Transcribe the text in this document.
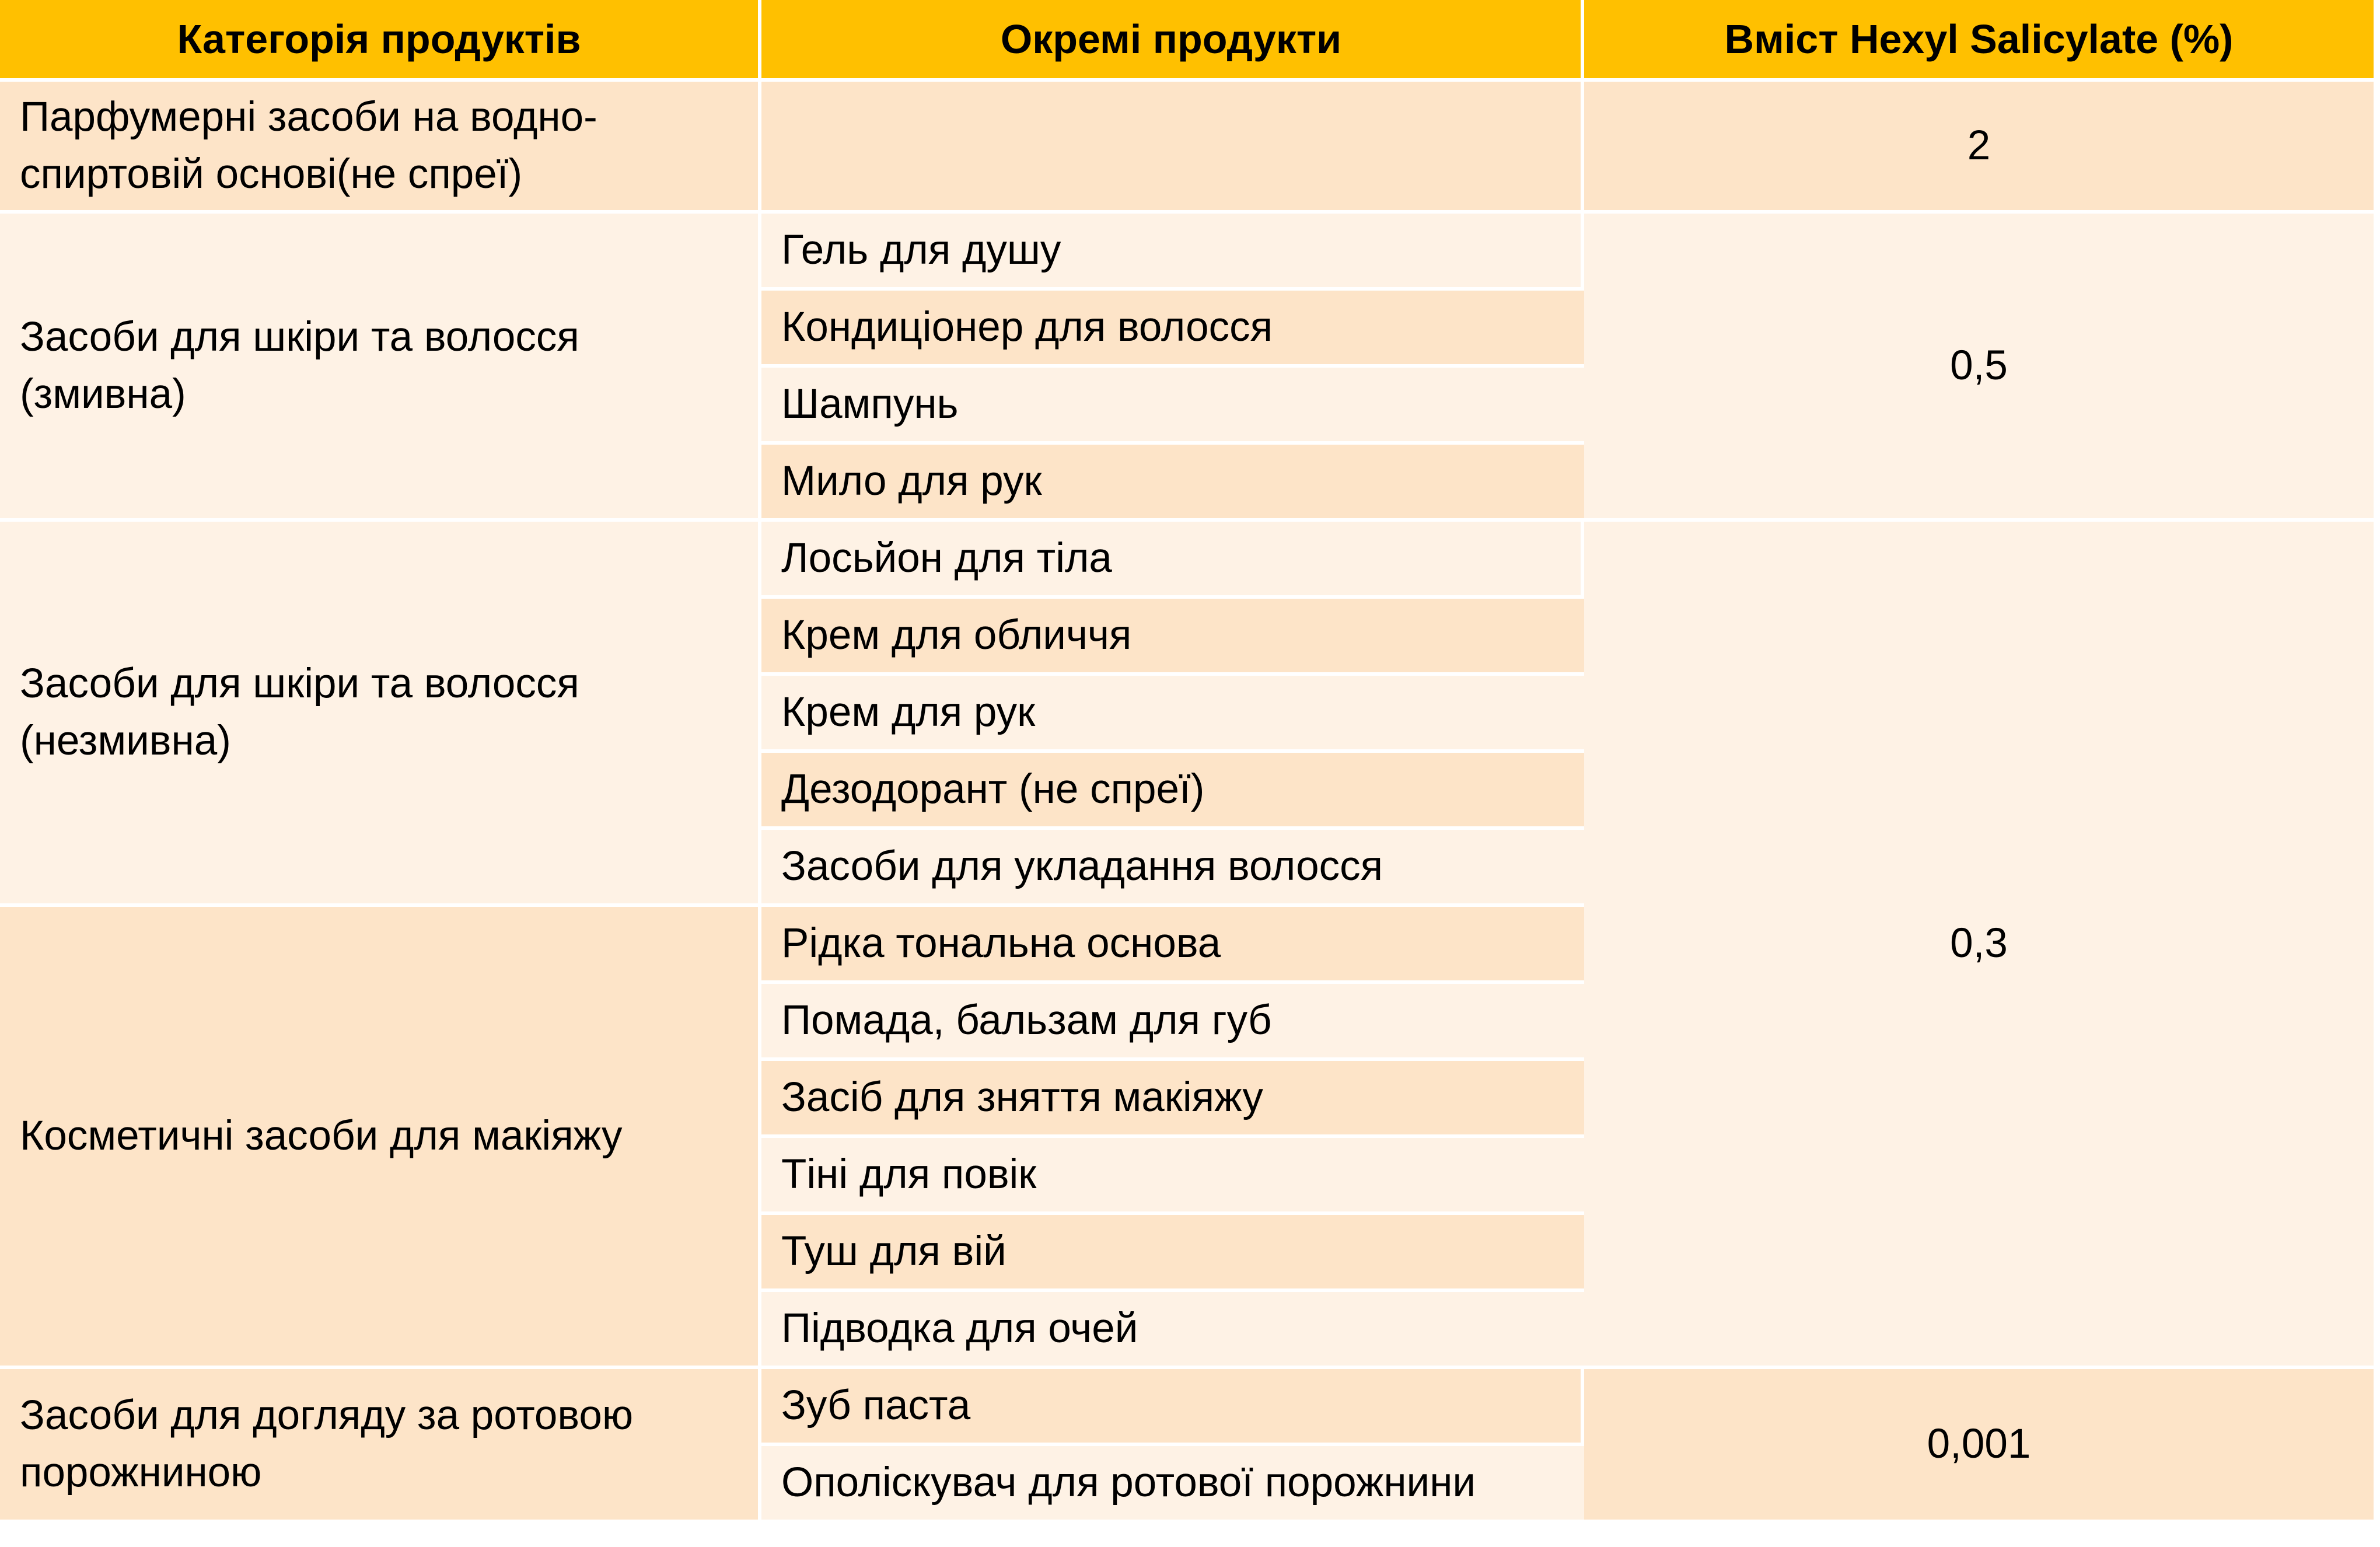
Категорія продуктів	Окремі продукти	Вміст Hexyl Salicylate (%)
Парфумерні засоби на водно-спиртовій основі(не спреї)		2
Засоби для шкіри та волосся (змивна)	Гель для душу	0,5
	Кондиціонер для волосся	
	Шампунь	
	Мило для рук	
Засоби для шкіри та волосся (незмивна)	Лосьйон для тіла	0,3
	Крем для обличчя	
	Крем для рук	
	Дезодорант (не спреї)	
	Засоби для укладання волосся	
Косметичні засоби для макіяжу	Рідка тональна основа	
	Помада, бальзам для губ	
	Засіб для зняття макіяжу	
	Тіні для повік	
	Туш для вій	
	Підводка для очей	
Засоби для догляду за ротовою порожниною	Зуб паста	0,001
	Ополіскувач для ротової порожнини	
